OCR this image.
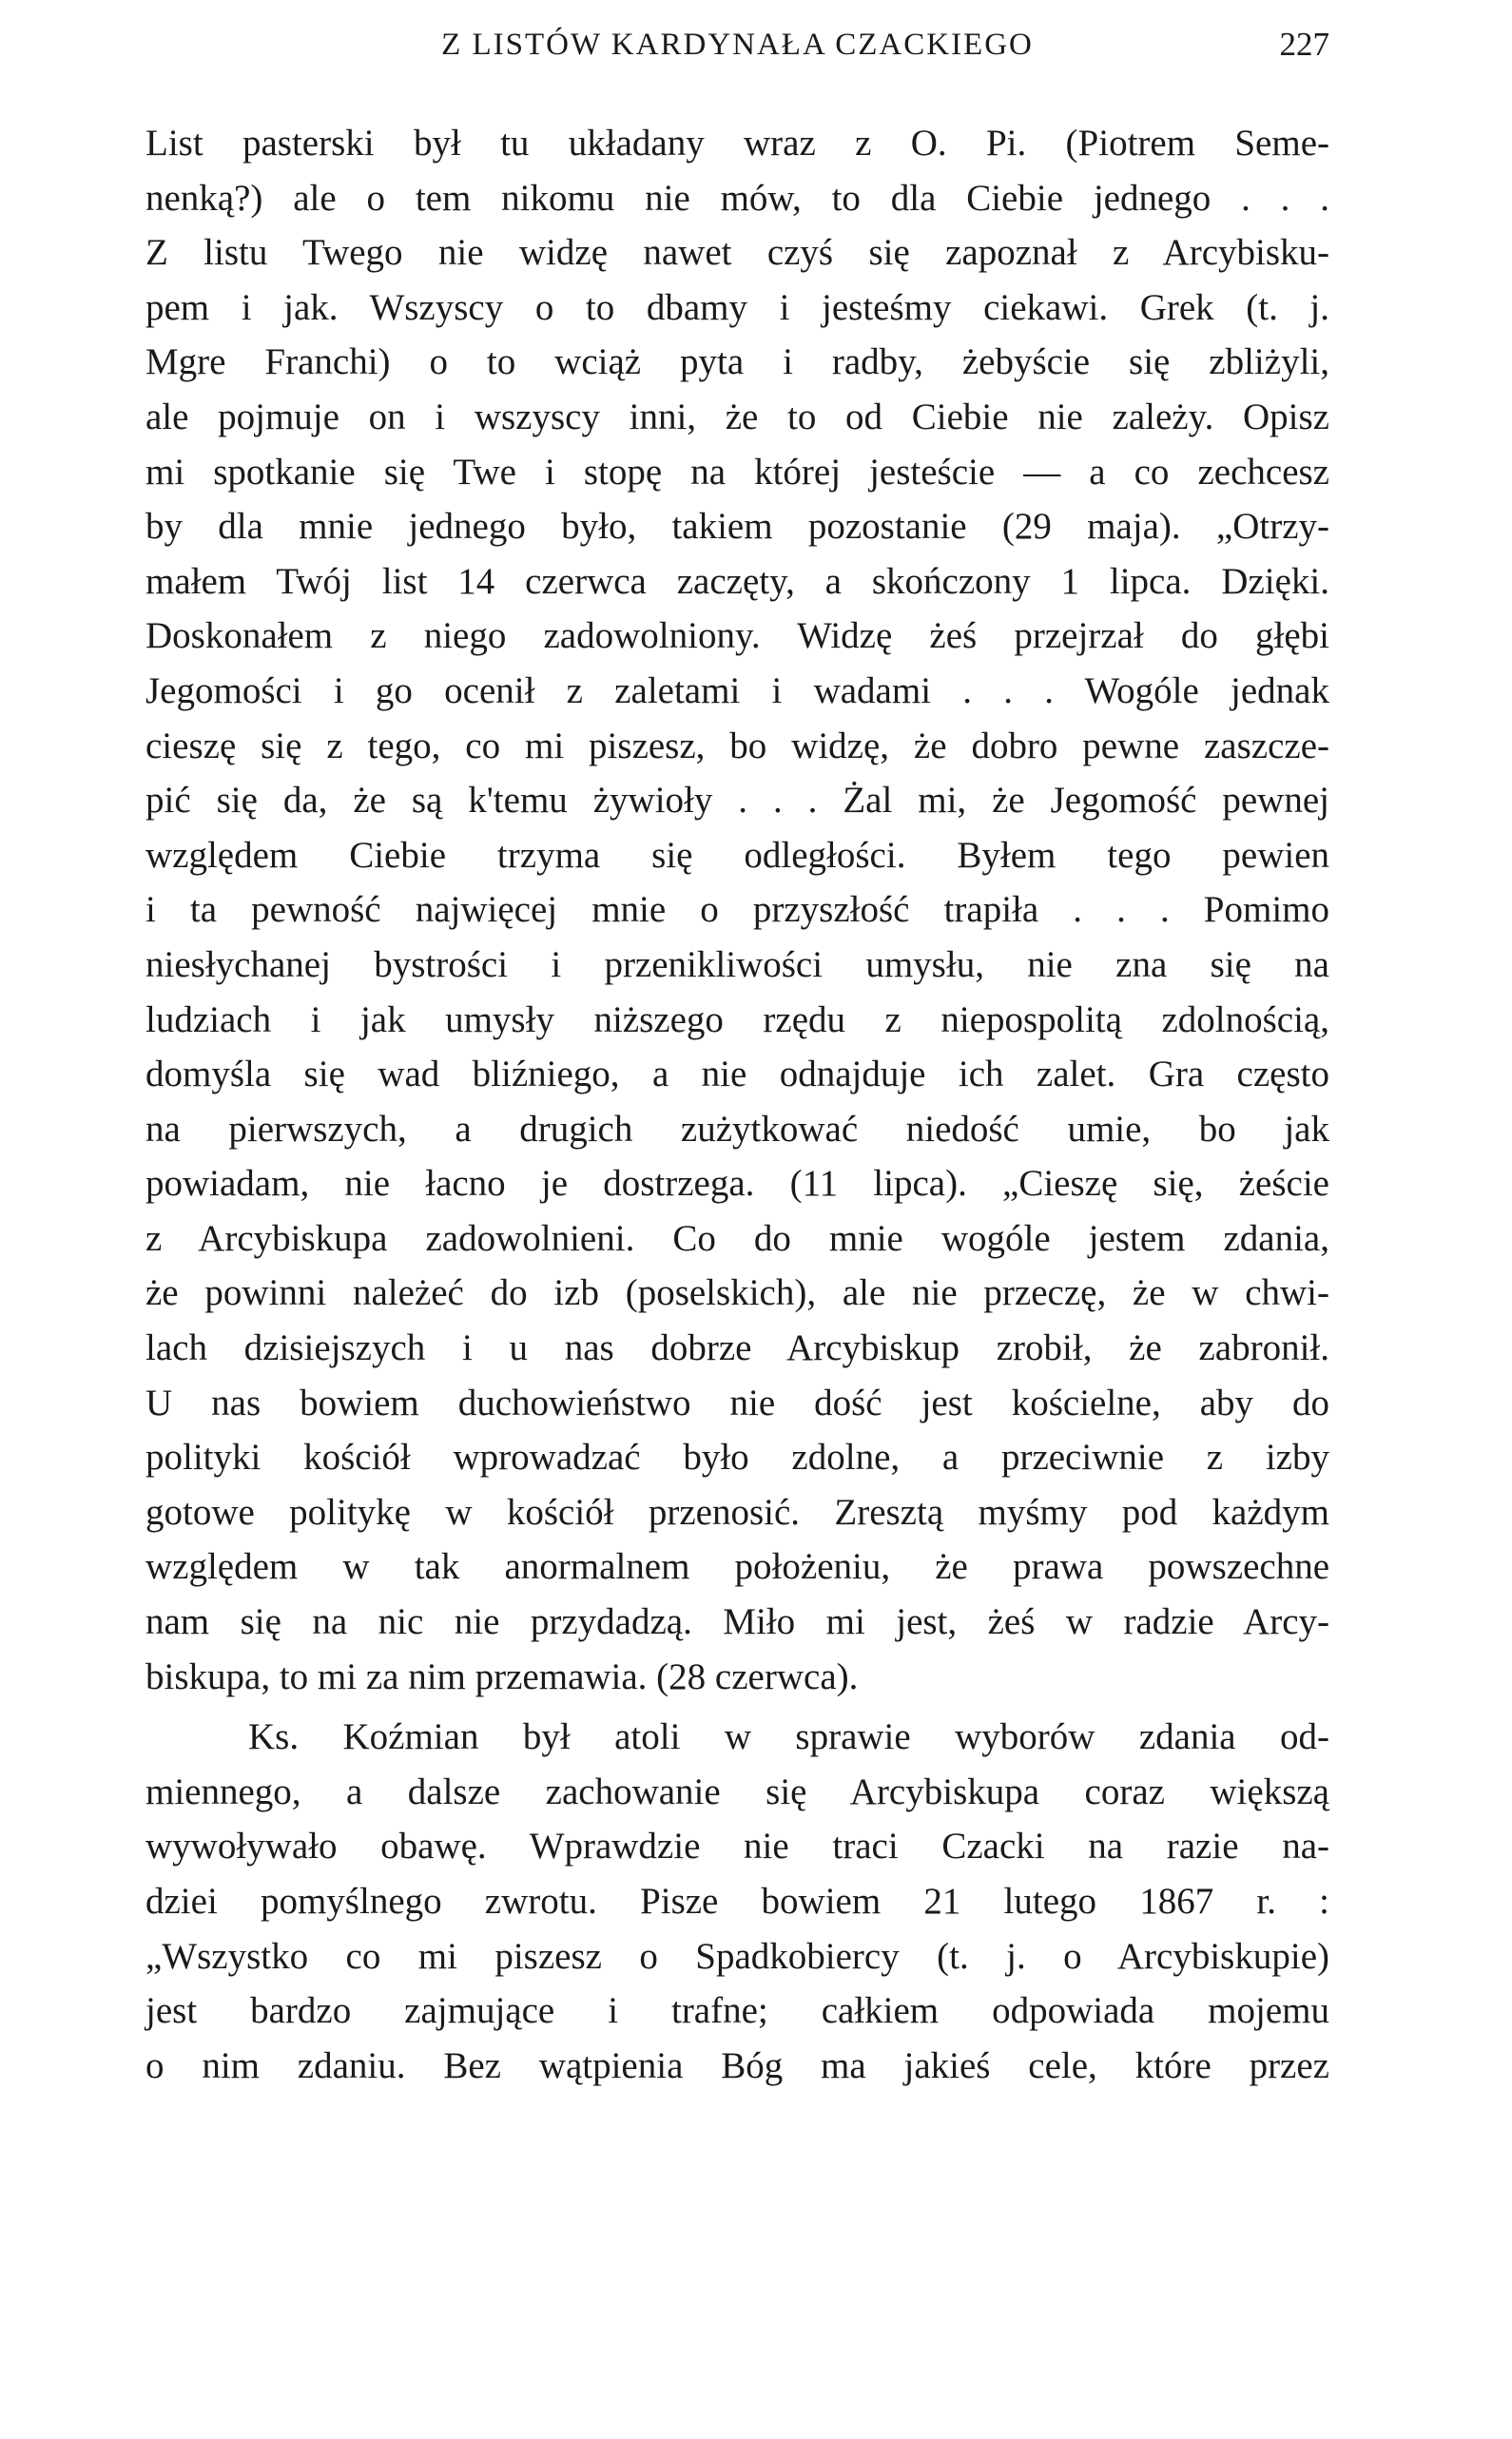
Z LISTÓW KARDYNAŁA CZACKIEGO	227
List pasterski był tu układany wraz z O. Pi. (Piotrem Seme-
nenką?) ale o tem nikomu nie mów, to dla Ciebie jednego . . .
Z listu Twego nie widzę nawet czyś się zapoznał z Arcybisku-
pem i jak. Wszyscy o to dbamy i jesteśmy ciekawi. Grek (t. j.
Mgre Franchi) o to wciąż pyta i radby, żebyście się zbliżyli,
ale pojmuje on i wszyscy inni, że to od Ciebie nie zależy. Opisz
mi spotkanie się Twe i stopę na której jesteście — a co zechcesz
by dla mnie jednego było, takiem pozostanie (29 maja). „Otrzy-
małem Twój list 14 czerwca zaczęty, a skończony 1 lipca. Dzięki.
Doskonałem z niego zadowolniony. Widzę żeś przejrzał do głębi
Jegomości i go ocenił z zaletami i wadami . . . Wogóle jednak
cieszę się z tego, co mi piszesz, bo widzę, że dobro pewne zaszcze-
pić się da, że są k'temu żywioły . . . Żal mi, że Jegomość pewnej
względem Ciebie trzyma się odległości. Byłem tego pewien
i ta pewność najwięcej mnie o przyszłość trapiła . . . Pomimo
niesłychanej bystrości i przenikliwości umysłu, nie zna się na
ludziach i jak umysły niższego rzędu z niepospolitą zdolnością,
domyśla się wad bliźniego, a nie odnajduje ich zalet. Gra często
na pierwszych, a drugich zużytkować niedość umie, bo jak
powiadam, nie łacno je dostrzega. (11 lipca). „Cieszę się, żeście
z Arcybiskupa zadowolnieni. Co do mnie wogóle jestem zdania,
że powinni należeć do izb (poselskich), ale nie przeczę, że w chwi-
lach dzisiejszych i u nas dobrze Arcybiskup zrobił, że zabronił.
U nas bowiem duchowieństwo nie dość jest kościelne, aby do
polityki kościół wprowadzać było zdolne, a przeciwnie z izby
gotowe politykę w kościół przenosić. Zresztą myśmy pod każdym
względem w tak anormalnem położeniu, że prawa powszechne
nam się na nic nie przydadzą. Miło mi jest, żeś w radzie Arcy-
biskupa, to mi za nim przemawia. (28 czerwca).
Ks. Koźmian był atoli w sprawie wyborów zdania od-
miennego, a dalsze zachowanie się Arcybiskupa coraz większą
wywoływało obawę. Wprawdzie nie traci Czacki na razie na-
dziei pomyślnego zwrotu. Pisze bowiem 21 lutego 1867 r. :
„Wszystko co mi piszesz o Spadkobiercy (t. j. o Arcybiskupie)
jest bardzo zajmujące i trafne; całkiem odpowiada mojemu
o nim zdaniu. Bez wątpienia Bóg ma jakieś cele, które przez
